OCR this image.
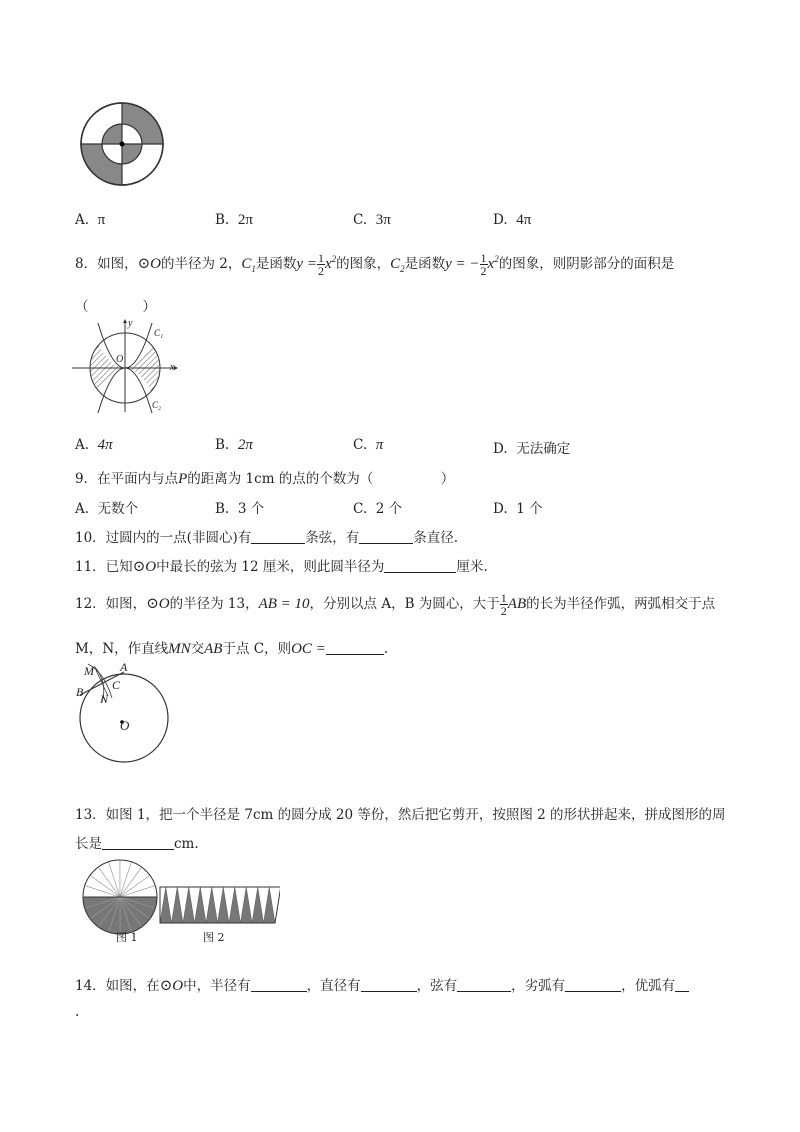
A. π	B. 2π	C. 3π	D. 4π
8．如图，⊙O的半径为 2，$C_1$是函数$y = \frac{1}{2} x^2$的图象，$C_2$是函数y = − $\frac{1}{2} x^2$的图象，则阴影部分的面积是
（　　　　）
y
x
O
C₁
C₂
A. 4π	B. 2π	C. π	D. 无法确定
9．在平面内与点P的距离为 1cm 的点的个数为（　　　　　）
A. 无数个	B. 3 个	C. 2 个	D. 1 个
10．过圆内的一点(非圆心)有	条弦，有	条直径.
11．已知⊙O中最长的弦为 12 厘米，则此圆半径为	厘米.
12．如图，⊙O的半径为 13，AB = 10，分别以点 A，B 为圆心，大于 $\frac{1}{2}$ AB的长为半径作弧，两弧相交于点
M，N，作直线MN交AB于点 C，则OC =	.
M A
C
B N
O
13．如图 1，把一个半径是 7cm 的圆分成 20 等份，然后把它剪开，按照图 2 的形状拼起来，拼成图形的周
长是	cm.
图 1	图 2
14．如图，在⊙O中，半径有	，直径有	，弦有	，劣弧有	，优弧有
.
